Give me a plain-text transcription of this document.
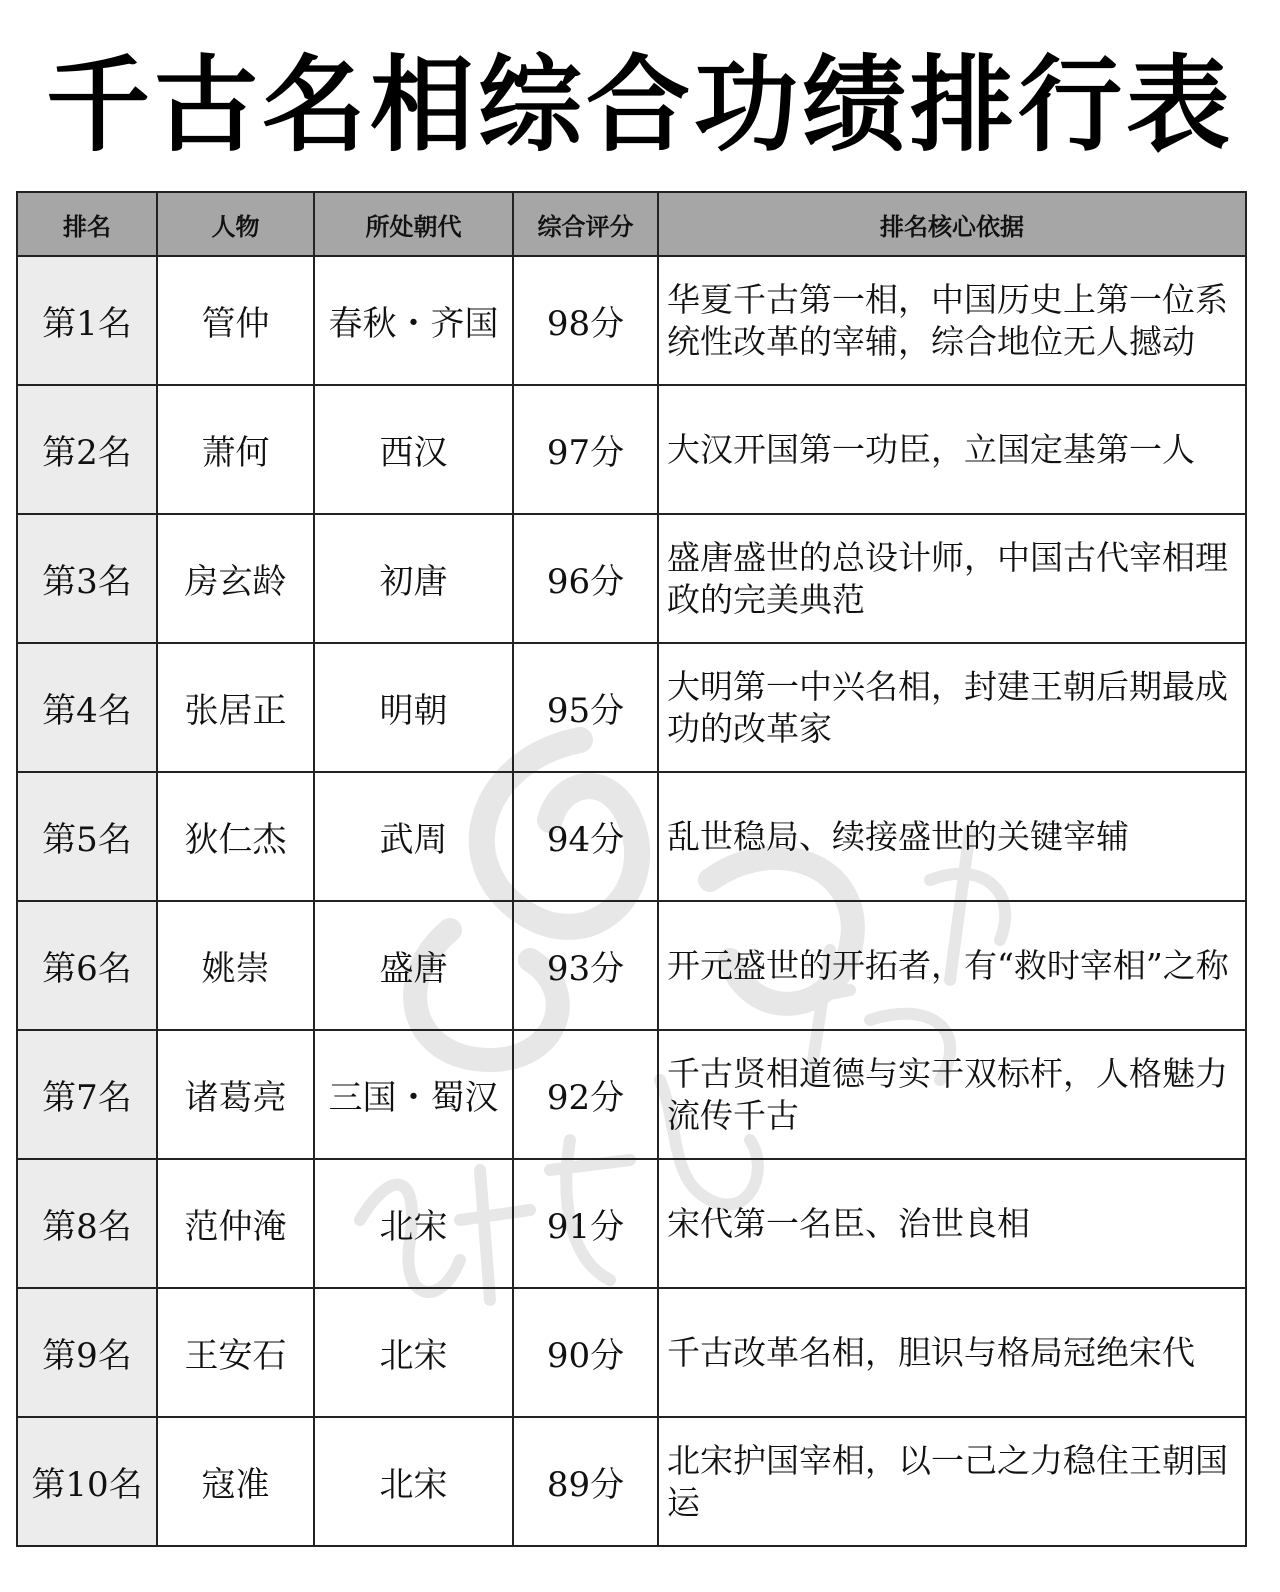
千古名相综合功绩排行表
排名	人物	所处朝代	综合评分	排名核心依据
第1名	管仲	春秋・齐国	98分	华夏千古第一相，中国历史上第一位系统性改革的宰辅，综合地位无人撼动
第2名	萧何	西汉	97分	大汉开国第一功臣，立国定基第一人
第3名	房玄龄	初唐	96分	盛唐盛世的总设计师，中国古代宰相理政的完美典范
第4名	张居正	明朝	95分	大明第一中兴名相，封建王朝后期最成功的改革家
第5名	狄仁杰	武周	94分	乱世稳局、续接盛世的关键宰辅
第6名	姚崇	盛唐	93分	开元盛世的开拓者，有“救时宰相”之称
第7名	诸葛亮	三国・蜀汉	92分	千古贤相道德与实干双标杆，人格魅力流传千古
第8名	范仲淹	北宋	91分	宋代第一名臣、治世良相
第9名	王安石	北宋	90分	千古改革名相，胆识与格局冠绝宋代
第10名	寇准	北宋	89分	北宋护国宰相，以一己之力稳住王朝国运
